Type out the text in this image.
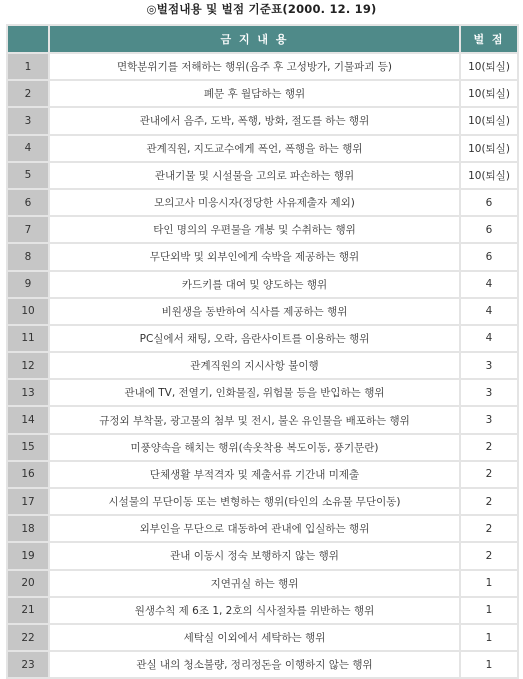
◎벌점내용 및 벌점 기준표(2000. 12. 19)
	금 지 내 용	벌 점
1	면학분위기를 저해하는 행위(음주 후 고성방가, 기물파괴 등)	10(퇴실)
2	폐문 후 월담하는 행위	10(퇴실)
3	관내에서 음주, 도박, 폭행, 방화, 절도를 하는 행위	10(퇴실)
4	관계직원, 지도교수에게 폭언, 폭행을 하는 행위	10(퇴실)
5	관내기물 및 시설물을 고의로 파손하는 행위	10(퇴실)
6	모의고사 미응시자(정당한 사유제출자 제외)	6
7	타인 명의의 우편물을 개봉 및 수취하는 행위	6
8	무단외박 및 외부인에게 숙박을 제공하는 행위	6
9	카드키를 대여 및 양도하는 행위	4
10	비원생을 동반하여 식사를 제공하는 행위	4
11	PC실에서 채팅, 오락, 음란사이트를 이용하는 행위	4
12	관계직원의 지시사항 불이행	3
13	관내에 TV, 전열기, 인화물질, 위험물 등을 반입하는 행위	3
14	규정외 부착물, 광고물의 첨부 및 전시, 불온 유인물을 배포하는 행위	3
15	미풍양속을 해치는 행위(속옷착용 복도이동, 풍기문란)	2
16	단체생활 부적격자 및 제출서류 기간내 미제출	2
17	시설물의 무단이동 또는 변형하는 행위(타인의 소유물 무단이동)	2
18	외부인을 무단으로 대동하여 관내에 입실하는 행위	2
19	관내 이동시 정숙 보행하지 않는 행위	2
20	지연귀실 하는 행위	1
21	원생수칙 제 6조 1, 2호의 식사절차를 위반하는 행위	1
22	세탁실 이외에서 세탁하는 행위	1
23	관실 내의 청소불량, 정리정돈을 이행하지 않는 행위	1
